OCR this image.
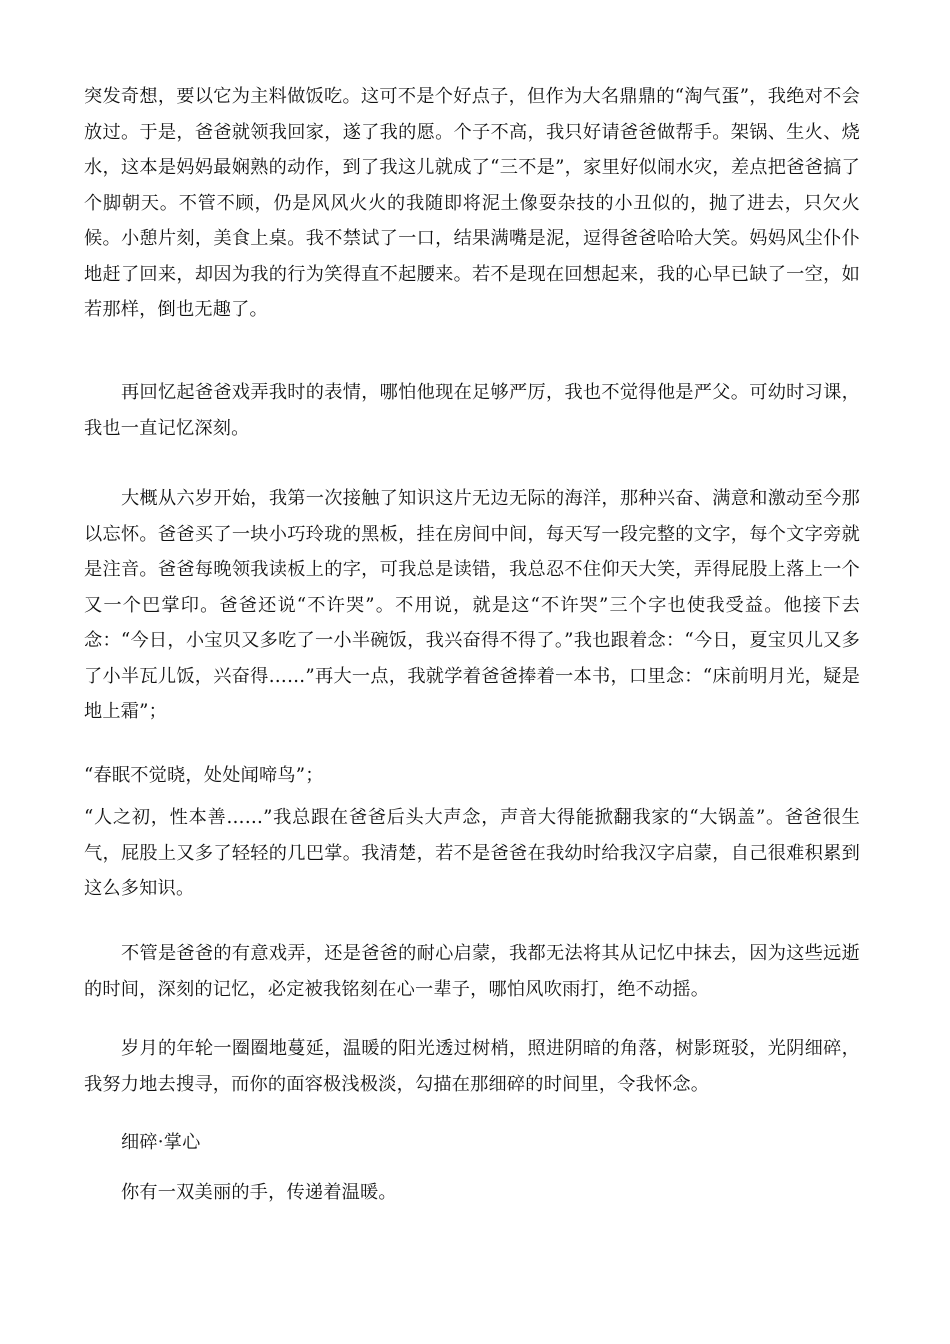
突发奇想，要以它为主料做饭吃。这可不是个好点子，但作为大名鼎鼎的“淘气蛋”，我绝对不会放过。于是，爸爸就领我回家，遂了我的愿。个子不高，我只好请爸爸做帮手。架锅、生火、烧水，这本是妈妈最娴熟的动作，到了我这儿就成了“三不是”，家里好似闹水灾，差点把爸爸搞了个脚朝天。不管不顾，仍是风风火火的我随即将泥土像耍杂技的小丑似的，抛了进去，只欠火候。小憩片刻，美食上桌。我不禁试了一口，结果满嘴是泥，逗得爸爸哈哈大笑。妈妈风尘仆仆地赶了回来，却因为我的行为笑得直不起腰来。若不是现在回想起来，我的心早已缺了一空，如若那样，倒也无趣了。

再回忆起爸爸戏弄我时的表情，哪怕他现在足够严厉，我也不觉得他是严父。可幼时习课，我也一直记忆深刻。

大概从六岁开始，我第一次接触了知识这片无边无际的海洋，那种兴奋、满意和激动至今那以忘怀。爸爸买了一块小巧玲珑的黑板，挂在房间中间，每天写一段完整的文字，每个文字旁就是注音。爸爸每晚领我读板上的字，可我总是读错，我总忍不住仰天大笑，弄得屁股上落上一个又一个巴掌印。爸爸还说“不许哭”。不用说，就是这“不许哭”三个字也使我受益。他接下去念：“今日，小宝贝又多吃了一小半碗饭，我兴奋得不得了。”我也跟着念：“今日，夏宝贝儿又多了小半瓦儿饭，兴奋得……”再大一点，我就学着爸爸捧着一本书，口里念：“床前明月光，疑是地上霜”；

“春眠不觉晓，处处闻啼鸟”；

“人之初，性本善……”我总跟在爸爸后头大声念，声音大得能掀翻我家的“大锅盖”。爸爸很生气，屁股上又多了轻轻的几巴掌。我清楚，若不是爸爸在我幼时给我汉字启蒙，自己很难积累到这么多知识。

不管是爸爸的有意戏弄，还是爸爸的耐心启蒙，我都无法将其从记忆中抹去，因为这些远逝的时间，深刻的记忆，必定被我铭刻在心一辈子，哪怕风吹雨打，绝不动摇。

岁月的年轮一圈圈地蔓延，温暖的阳光透过树梢，照进阴暗的角落，树影斑驳，光阴细碎，我努力地去搜寻，而你的面容极浅极淡，勾描在那细碎的时间里，令我怀念。

细碎·掌心

你有一双美丽的手，传递着温暖。
